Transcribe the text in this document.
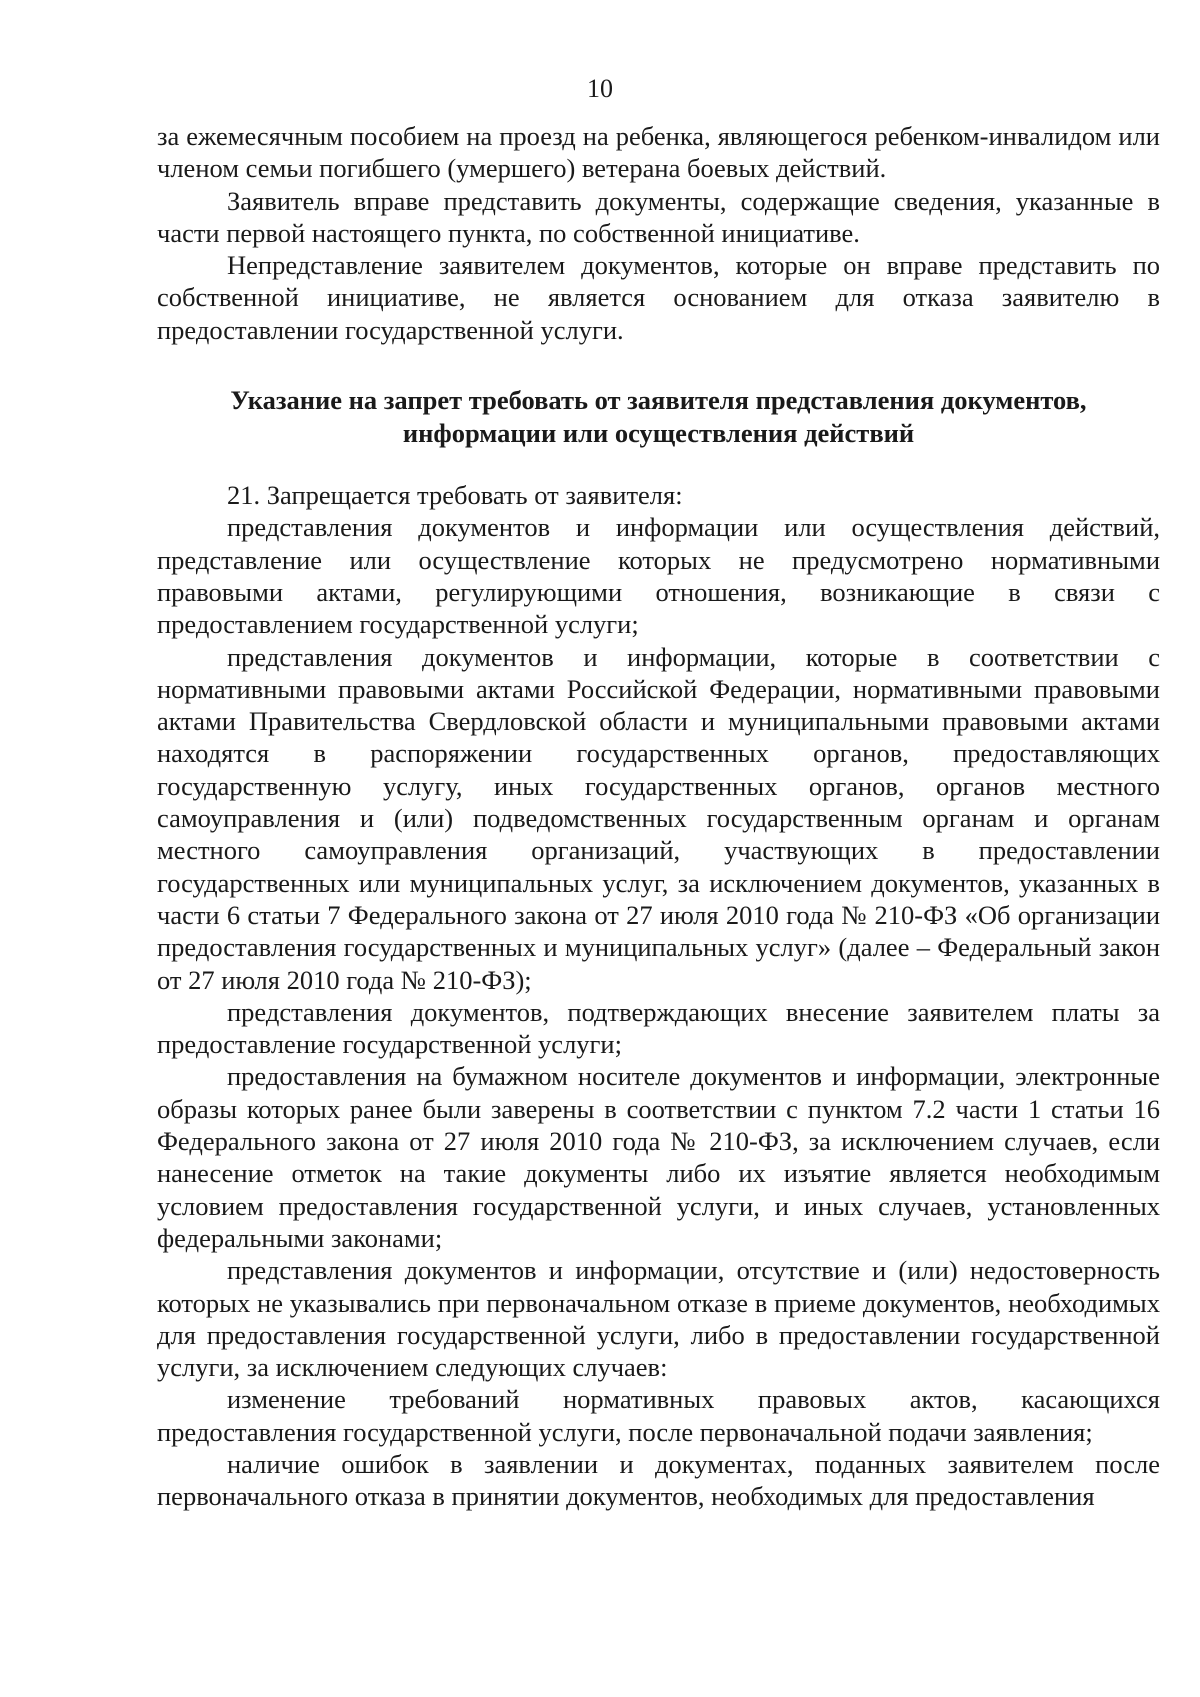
10

за ежемесячным пособием на проезд на ребенка, являющегося ребенком-инвалидом или членом семьи погибшего (умершего) ветерана боевых действий.

Заявитель вправе представить документы, содержащие сведения, указанные в части первой настоящего пункта, по собственной инициативе.

Непредставление заявителем документов, которые он вправе представить по собственной инициативе, не является основанием для отказа заявителю в предоставлении государственной услуги.

Указание на запрет требовать от заявителя представления документов,
информации или осуществления действий

21. Запрещается требовать от заявителя:

представления документов и информации или осуществления действий, представление или осуществление которых не предусмотрено нормативными правовыми актами, регулирующими отношения, возникающие в связи с предоставлением государственной услуги;

представления документов и информации, которые в соответствии с нормативными правовыми актами Российской Федерации, нормативными правовыми актами Правительства Свердловской области и муниципальными правовыми актами находятся в распоряжении государственных органов, предоставляющих государственную услугу, иных государственных органов, органов местного самоуправления и (или) подведомственных государственным органам и органам местного самоуправления организаций, участвующих в предоставлении государственных или муниципальных услуг, за исключением документов, указанных в части 6 статьи 7 Федерального закона от 27 июля 2010 года № 210-ФЗ «Об организации предоставления государственных и муниципальных услуг» (далее – Федеральный закон от 27 июля 2010 года № 210-ФЗ);

представления документов, подтверждающих внесение заявителем платы за предоставление государственной услуги;

предоставления на бумажном носителе документов и информации, электронные образы которых ранее были заверены в соответствии с пунктом 7.2 части 1 статьи 16 Федерального закона от 27 июля 2010 года № 210-ФЗ, за исключением случаев, если нанесение отметок на такие документы либо их изъятие является необходимым условием предоставления государственной услуги, и иных случаев, установленных федеральными законами;

представления документов и информации, отсутствие и (или) недостоверность которых не указывались при первоначальном отказе в приеме документов, необходимых для предоставления государственной услуги, либо в предоставлении государственной услуги, за исключением следующих случаев:

изменение требований нормативных правовых актов, касающихся предоставления государственной услуги, после первоначальной подачи заявления;

наличие ошибок в заявлении и документах, поданных заявителем после первоначального отказа в принятии документов, необходимых для предоставления
